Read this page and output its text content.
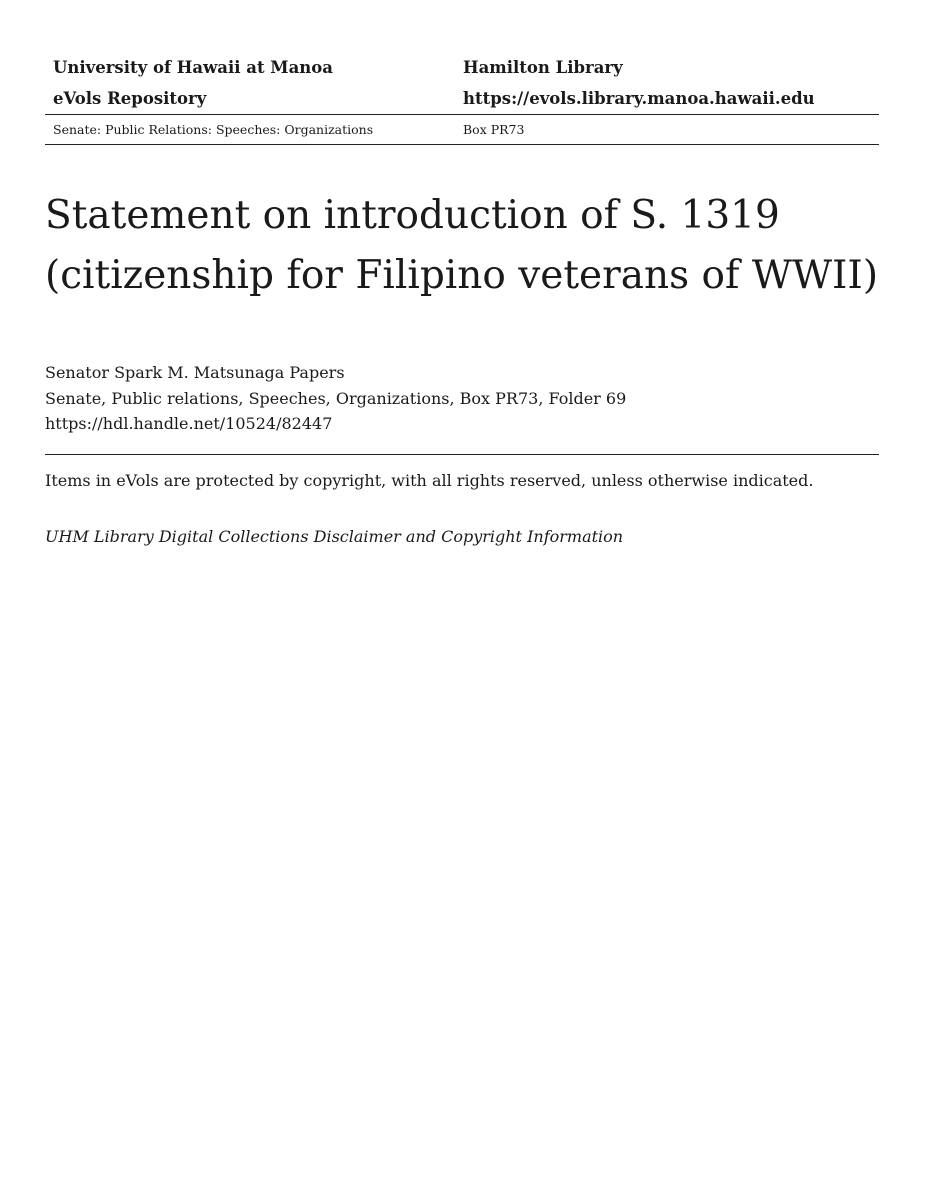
University of Hawaii at Manoa	Hamilton Library
eVols Repository	https://evols.library.manoa.hawaii.edu
Senate: Public Relations: Speeches: Organizations	Box PR73
Statement on introduction of S. 1319
(citizenship for Filipino veterans of WWII)
Senator Spark M. Matsunaga Papers
Senate, Public relations, Speeches, Organizations, Box PR73, Folder 69
https://hdl.handle.net/10524/82447
Items in eVols are protected by copyright, with all rights reserved, unless otherwise indicated.
UHM Library Digital Collections Disclaimer and Copyright Information
